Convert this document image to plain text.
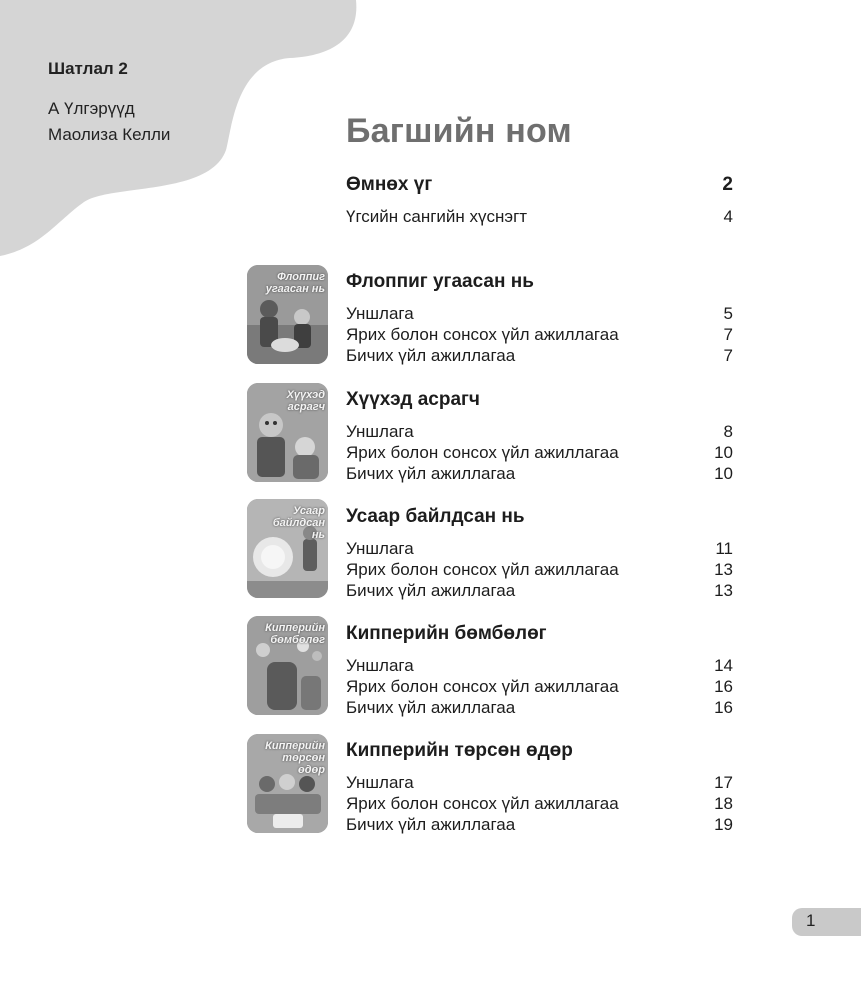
Шатлал 2
А Үлгэрүүд
Маолиза Келли	Багшийн ном
Өмнөх үг	2
Үгсийн сангийн хүснэгт	4
Флоппиг угаасан нь Флоппиг угаасан нь
Уншлага	5
Ярих болон сонсох үйл ажиллагаа	7
Бичих үйл ажиллагаа	7
Хүүхэд асрагч Хүүхэд асрагч
Уншлага	8
Ярих болон сонсох үйл ажиллагаа	10
Бичих үйл ажиллагаа	10
Усаар байлдсан нь
Усаар байлдсан нь
Уншлага	11
Ярих болон сонсох үйл ажиллагаа	13
Бичих үйл ажиллагаа	13
Кипперийн бөмбөлөг Кипперийн бөмбөлөг
Уншлага	14
Ярих болон сонсох үйл ажиллагаа	16
Бичих үйл ажиллагаа	16
Кипперийн төрсөн өдөр
Кипперийн төрсөн өдөр
Уншлага	17
Ярих болон сонсох үйл ажиллагаа	18
Бичих үйл ажиллагаа	19
1
